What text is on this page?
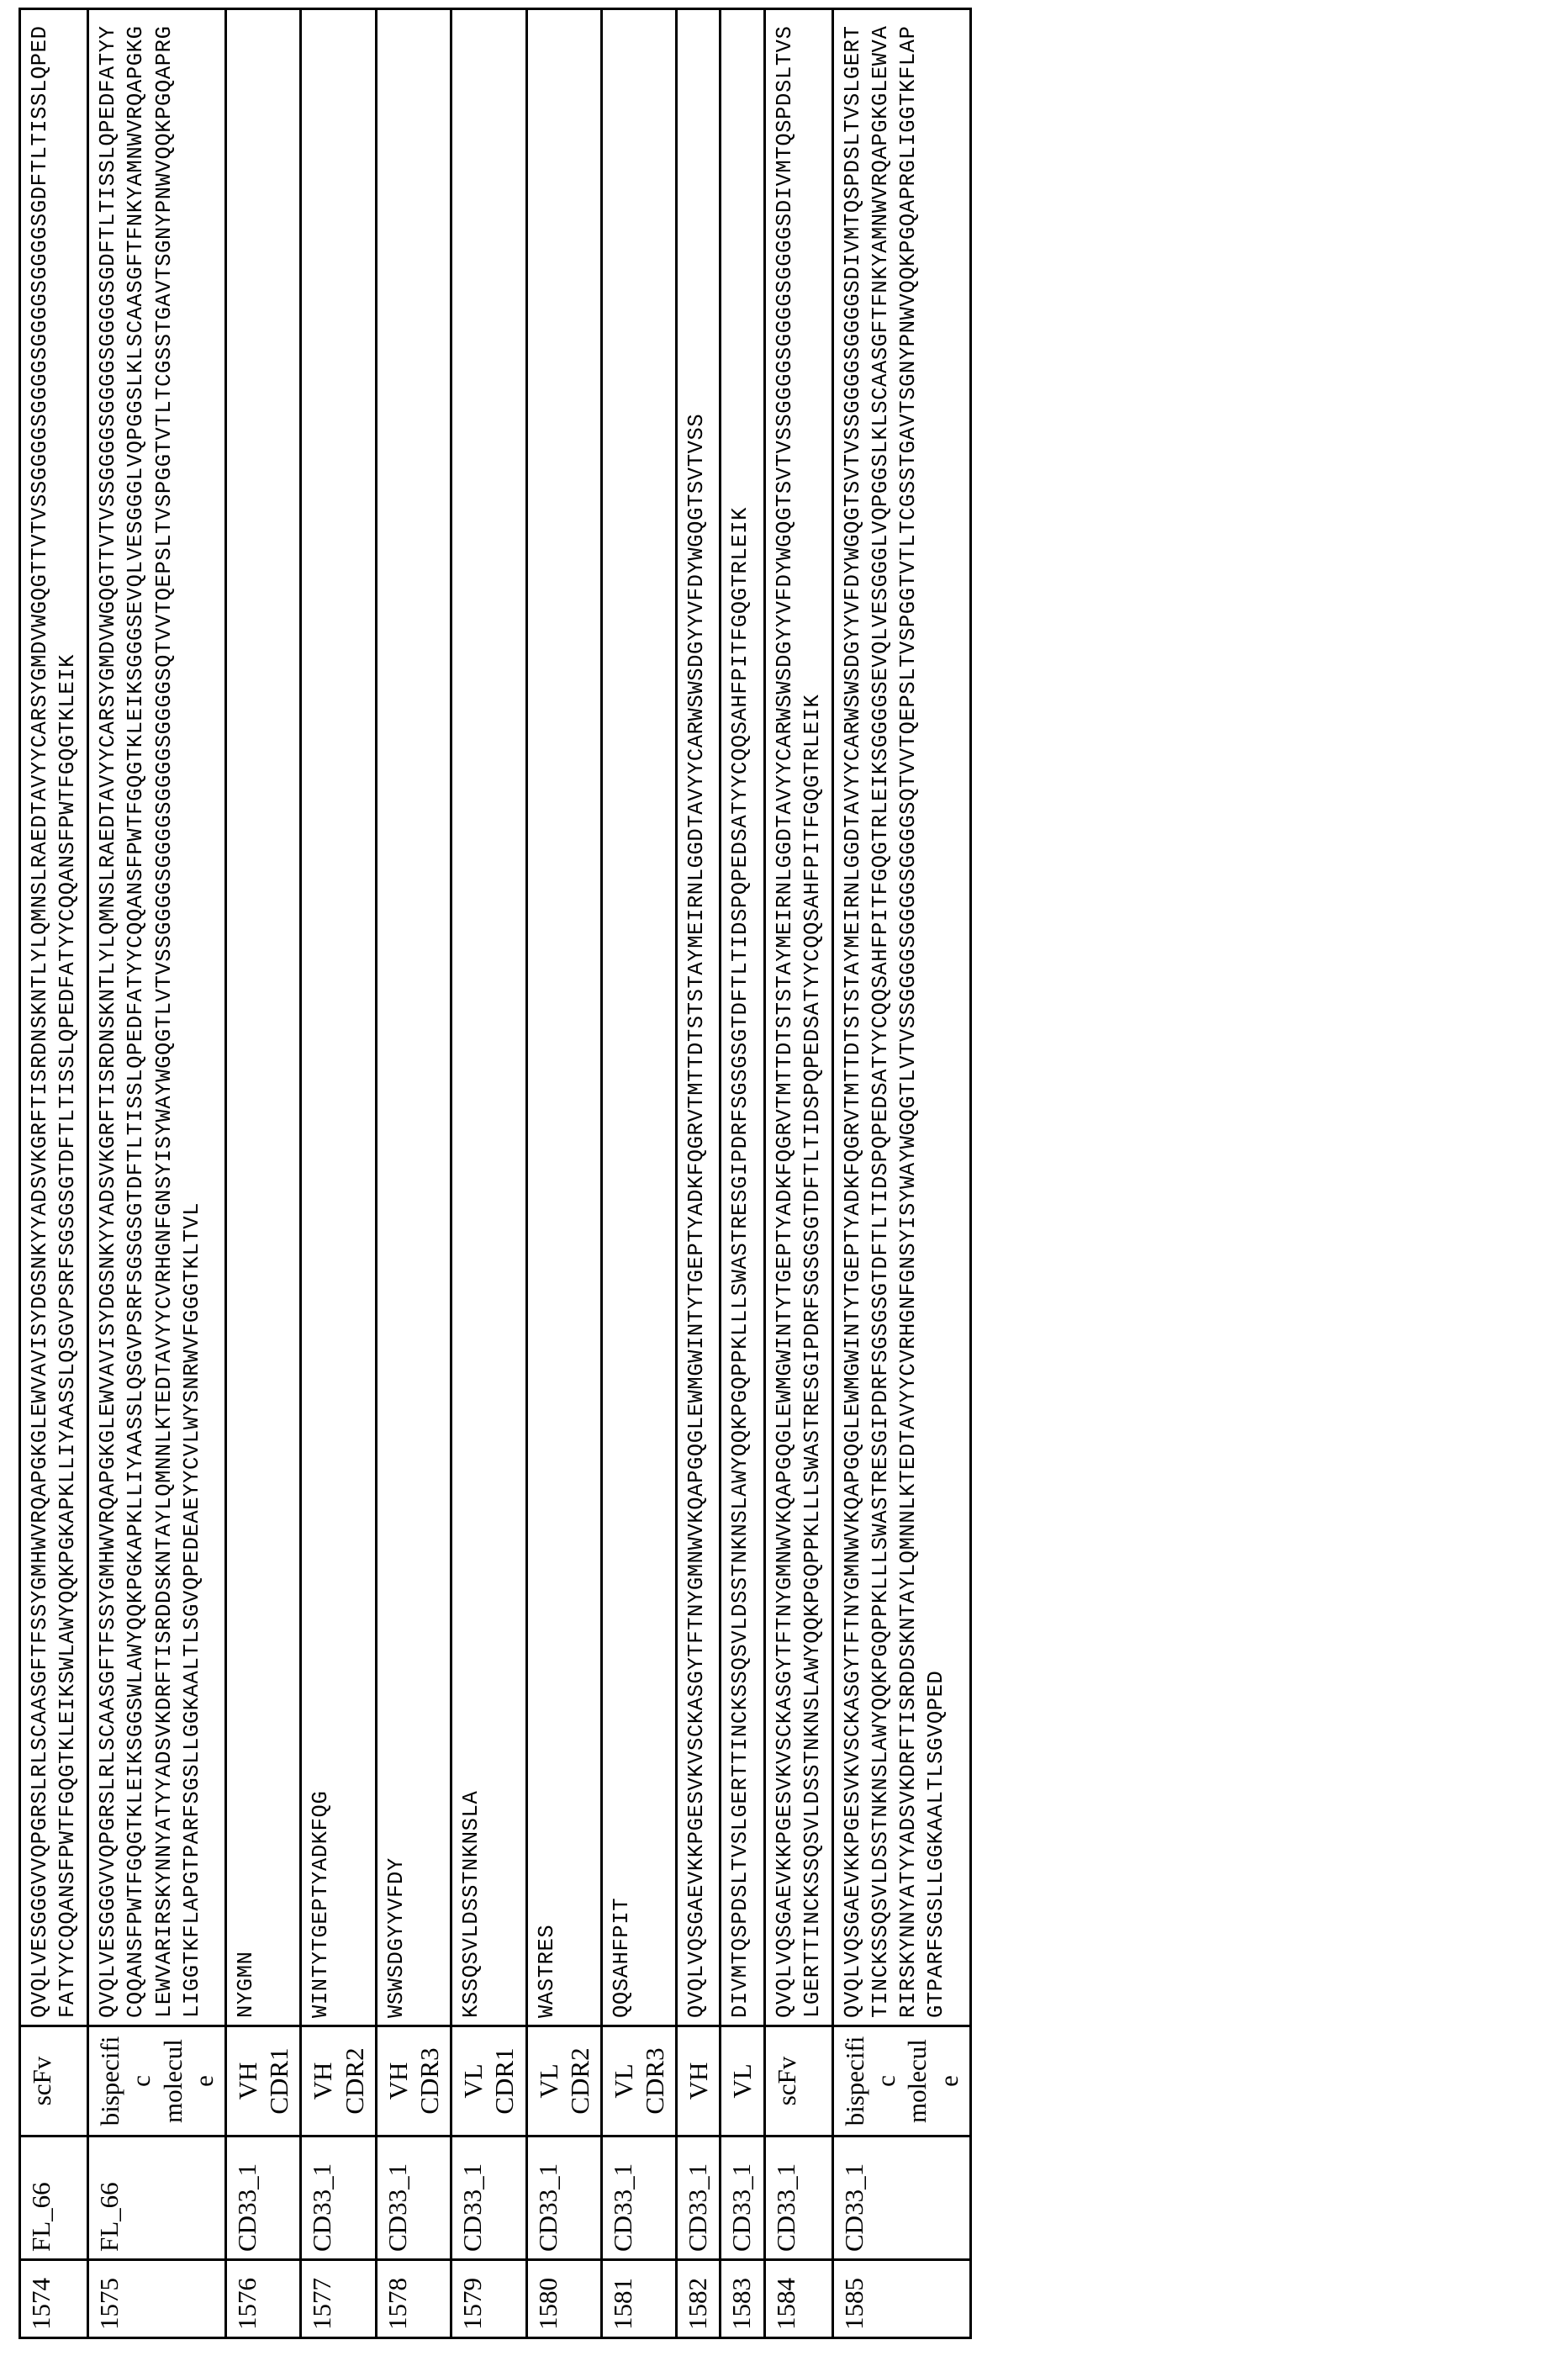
1574	FL_66	scFv	QVQLVESGGGVVQPGRSLRLSCAASGFTFSSYGMHWVRQAPGKGLEWVAVISYDGSNKYYADSVKGRFTISRDNSKNTLYLQMNSLRAEDTAVYYCARSYGMDVWGQGTTVTVSSGGGGSGGGGSGGGGSGGGGSGDFTLTISSLQPEDFATYYCQQANSFPWTFGQGTKLEIKSWLAWYQQKPGKAPKLLIYAASSLQSGVPSRFSGSGSGTDFTLTISSLQPEDFATYYCQQANSFPWTFGQGTKLEIK
1575	FL_66	bispecific molecule	QVQLVESGGGVVQPGRSLRLSCAASGFTFSSYGMHWVRQAPGKGLEWVAVISYDGSNKYYADSVKGRFTISRDNSKNTLYLQMNSLRAEDTAVYYCARSYGMDVWGQGTTVTVSSGGGGSGGGGSGGGGSGDFTLTISSLQPEDFATYYCQQANSFPWTFGQGTKLEIKSGGSWLAWYQQKPGKAPKLLIYAASSLQSGVPSRFSGSGSGTDFTLTISSLQPEDFATYYCQQANSFPWTFGQGTKLEIKSGGGSEVQLVESGGGLVQPGGSLKLSCAASGFTFNKYAMNWVRQAPGKGLEWVARIRSKYNNYATYYADSVKDRFTISRDDSKNTAYLQMNNLKTEDTAVYYCVRHGNFGNSYISYWAYWGQGTLVTVSSGGGGSGGGGSGGGGSGGGGSQTVVTQEPSLTVSPGGTVTLTCGSSTGAVTSGNYPNWVQQKPGQAPRGLIGGTKFLAPGTPARFSGSLLGGKAALTLSGVQPEDEAEYYCVLWYSNRWVFGGGTKLTVL
1576	CD33_1	VH CDR1	NYGMN
1577	CD33_1	VH CDR2	WINTYTGEPTYADKFQG
1578	CD33_1	VH CDR3	WSWSDGYYVFDY
1579	CD33_1	VL CDR1	KSSQSVLDSSTNKNSLA
1580	CD33_1	VL CDR2	WASTRES
1581	CD33_1	VL CDR3	QQSAHFPIT
1582	CD33_1	VH	QVQLVQSGAEVKKPGESVKVSCKASGYTFTNYGMNWVKQAPGQGLEWMGWINTYTGEPTYADKFQGRVTMTTDTSTSTAYMEIRNLGGDTAVYYCARWSWSDGYYVFDYWGQGTSVTVSS
1583	CD33_1	VL	DIVMTQSPDSLTVSLGERTTINCKSSQSVLDSSTNKNSLAWYQQKPGQPPKLLLSWASTRESGIPDRFSGSGSGTDFTLTIDSPQPEDSATYYCQQSAHFPITFGQGTRLEIK
1584	CD33_1	scFv	QVQLVQSGAEVKKPGESVKVSCKASGYTFTNYGMNWVKQAPGQGLEWMGWINTYTGEPTYADKFQGRVTMTTDTSTSTAYMEIRNLGGDTAVYYCARWSWSDGYYVFDYWGQGTSVTVSSGGGGSGGGGSGGGGSDIVMTQSPDSLTVSLGERTTINCKSSQSVLDSSTNKNSLAWYQQKPGQPPKLLLSWASTRESGIPDRFSGSGSGTDFTLTIDSPQPEDSATYYCQQSAHFPITFGQGTRLEIK
1585	CD33_1	bispecific molecule	QVQLVQSGAEVKKPGESVKVSCKASGYTFTNYGMNWVKQAPGQGLEWMGWINTYTGEPTYADKFQGRVTMTTDTSTSTAYMEIRNLGGDTAVYYCARWSWSDGYYVFDYWGQGTSVTVSSGGGGSGGGGSDIVMTQSPDSLTVSLGERTTINCKSSQSVLDSSTNKNSLAWYQQKPGQPPKLLLSWASTRESGIPDRFSGSGSGTDFTLTIDSPQPEDSATYYCQQSAHFPITFGQGTRLEIKSGGGGSEVQLVESGGGLVQPGGSLKLSCAASGFTFNKYAMNWVRQAPGKGLEWVARIRSKYNNYATYYADSVKDRFTISRDDSKNTAYLQMNNLKTEDTAVYYCVRHGNFGNSYISYWAYWGQGTLVTVSSGGGGSGGGGSGGGGSQTVVTQEPSLTVSPGGTVTLTCGSSTGAVTSGNYPNWVQQKPGQAPRGLIGGTKFLAPGTPARFSGSLLGGKAALTLSGVQPED
